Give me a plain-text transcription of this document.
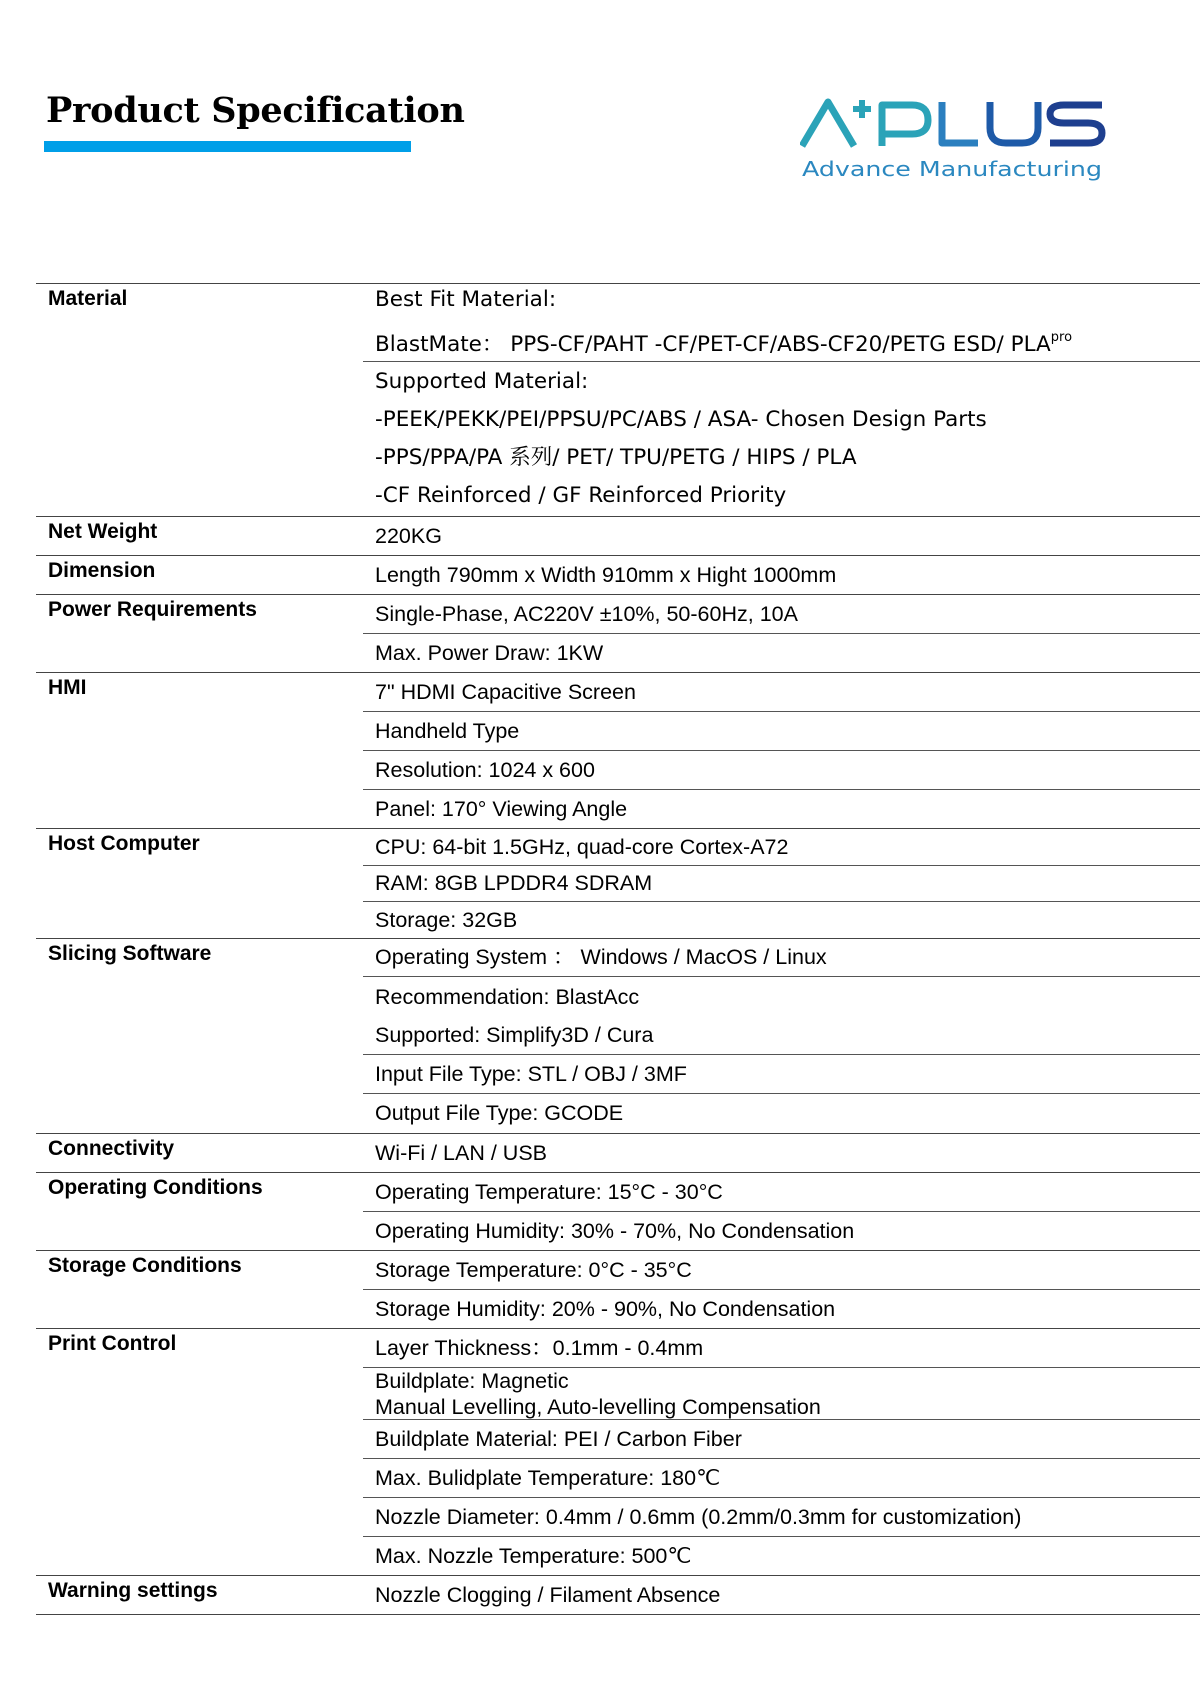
Product Specification
Advance Manufacturing
Material	Best Fit Material:
BlastMate： PPS-CF/PAHT -CF/PET-CF/ABS-CF20/PETG ESD/ $PLA^{pro}$
Supported Material:
-PEEK/PEKK/PEI/PPSU/PC/ABS / ASA- Chosen Design Parts
-PPS/PPA/PA 系列/ PET/ TPU/PETG / HIPS / PLA
-CF Reinforced / GF Reinforced Priority
Net Weight	220KG
Dimension	Length 790mm x Width 910mm x Hight 1000mm
Power Requirements	Single-Phase, AC220V ±10%, 50-60Hz, 10A
Max. Power Draw: 1KW
HMI	7" HDMI Capacitive Screen
Handheld Type
Resolution: 1024 x 600
Panel: 170° Viewing Angle
Host Computer	CPU: 64-bit 1.5GHz, quad-core Cortex-A72
RAM: 8GB LPDDR4 SDRAM
Storage: 32GB
Slicing Software	Operating System ： Windows / MacOS / Linux
Recommendation: BlastAcc
Supported: Simplify3D / Cura
Input File Type: STL / OBJ / 3MF
Output File Type: GCODE
Connectivity	Wi-Fi / LAN / USB
Operating Conditions	Operating Temperature: 15°C - 30°C
Operating Humidity: 30% - 70%, No Condensation
Storage Conditions	Storage Temperature: 0°C - 35°C
Storage Humidity: 20% - 90%, No Condensation
Print Control	Layer Thickness：0.1mm - 0.4mm
Buildplate: Magnetic
Manual Levelling, Auto-levelling Compensation
Buildplate Material: PEI / Carbon Fiber
Max. Bulidplate Temperature: 180℃
Nozzle Diameter: 0.4mm / 0.6mm (0.2mm/0.3mm for customization)
Max. Nozzle Temperature: 500℃
Warning settings	Nozzle Clogging / Filament Absence
